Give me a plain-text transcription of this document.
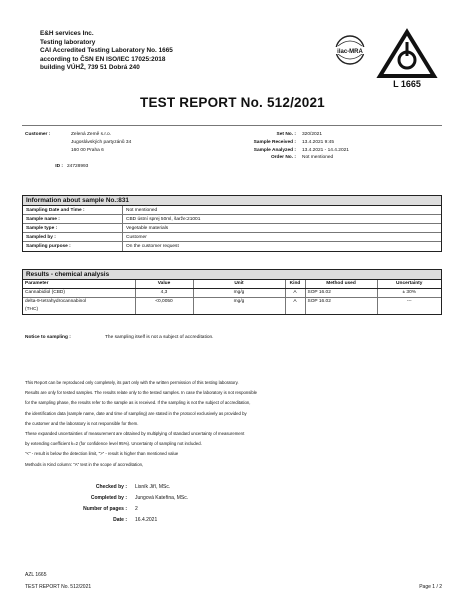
E&H services Inc.
Testing laboratory
CAI Accredited Testing Laboratory No. 1665
according to ČSN EN ISO/IEC 17025:2018
building VÚHŽ, 739 51 Dobrá 240
ilac-MRA
L 1665
TEST REPORT No. 512/2021
Customer :	Zelená Země s.r.o.
Jugoslávských partyzánů 34
160 00 Praha 6
ID : 24728993
Set No. : 320/2021
Sample Received : 13.4.2021 9:45
Sample Analyzed : 13.4.2021 - 14.4.2021
Order No. : Not mentioned
Information about sample No.:831
Sampling Date and Time :	Not mentioned
Sample name :	CBD ústní sprej 50ml, šarže:21001
Sample type :	Vegetable materials
Sampled by :	Customer
Sampling purpose :	On the customer request
Results - chemical analysis
Parameter	Value	Unit	Kind	Method used	Uncertainty
Cannabidiol (CBD)	4,3	mg/g	A	SOP 16.02	± 30%
delta-9-tetrahydrocannabinol	<0,0050	mg/g	A	SOP 16.02	---
(THC)					
Notice to sampling :	The sampling itself is not a subject of accreditation.
This Report can be reproduced only completely, its part only with the written permission of this testing laboratory.
Results are only for tested samples. The results relate only to the tested samples. In case the laboratory is not responsible
for the sampling phase, the results refer to the sample as is received. If the sampling is not the subject of accreditation,
the identification data (sample name, date and time of sampling) are stated in the protocol exclusively as provided by
the customer and the laboratory is not responsible for them.
These expanded uncertainties of measurement are obtained by multiplying of standard uncertainty of measurement
by extending coefficient k=2 (for confidence level 95%). Uncertainty of sampling not included.
"<" - result is below the detection limit, ">" - result is higher than mentioned value
Methods in Kind column: "A" test in the scope of accreditation,
Checked by : Lisník Jiří, MSc.
Completed by : Jungová Kateřina, MSc.
Number of pages : 2
Date : 16.4.2021
AZL 1665
TEST REPORT No. 512/2021	Page 1 / 2
